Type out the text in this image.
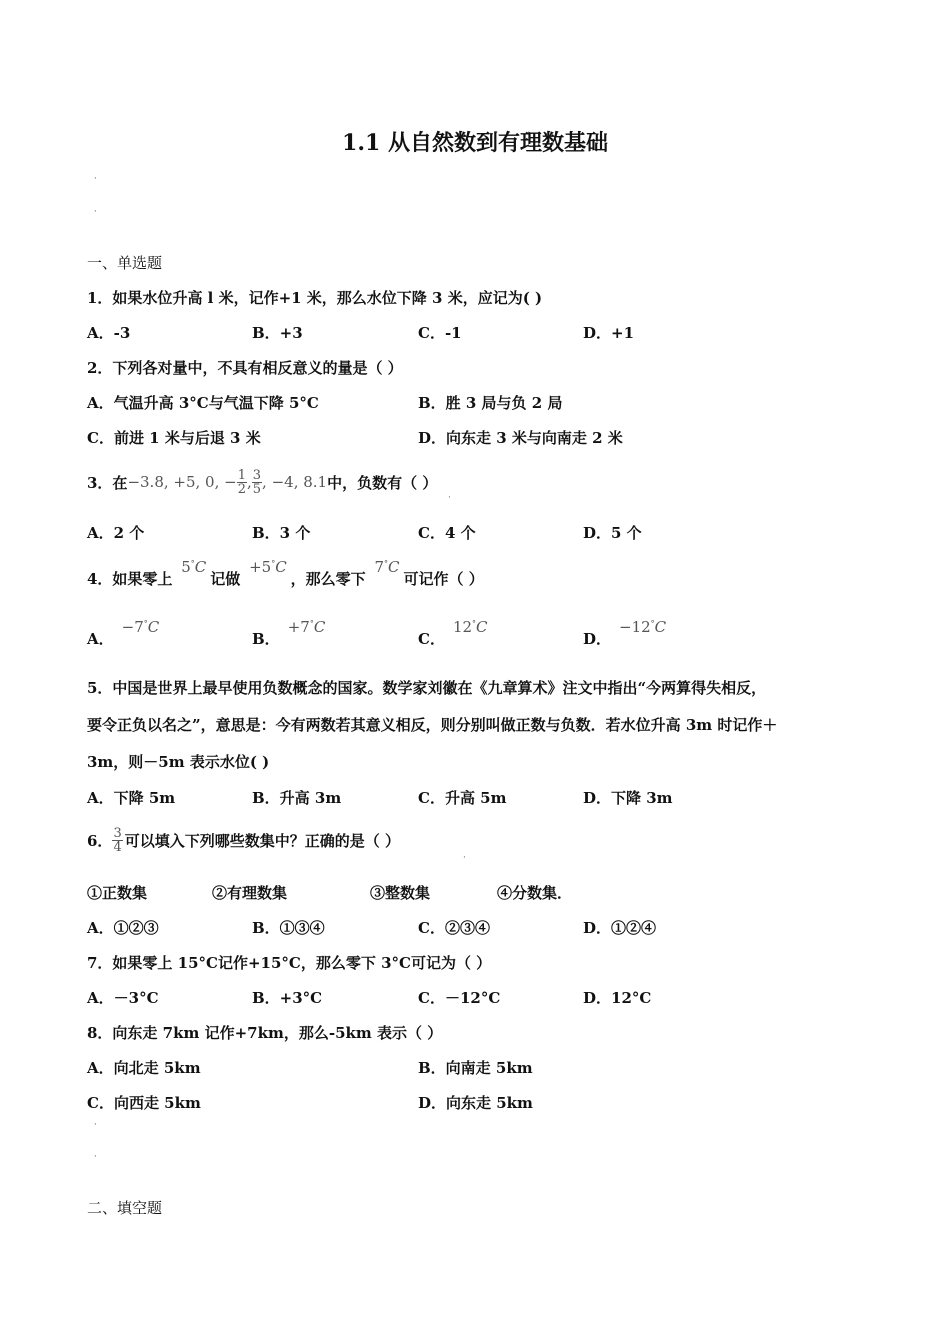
1.1 从自然数到有理数基础
·
·
一、单选题
1．如果水位升高 l 米，记作+1 米，那么水位下降 3 米，应记为( )
A．-3	B．+3	C．-1	D．+1
2．下列各对量中，不具有相反意义的量是（ ）
A．气温升高 3°C与气温下降 5°C	B．胜 3 局与负 2 局
C．前进 1 米与后退 3 米	D．向东走 3 米与向南走 2 米
3．在 −3.8, +5, 0, − $\frac{1}{2}$ , $\frac{3}{5}$ , −4, 8.1 中，负数有（ ）
·
A．2 个	B．3 个	C．4 个	D．5 个
4．如果零上 5°C记做 +5°C，那么零下 7°C可记作（ ）
A．−7°C
B．+7°C
C．12°C
D．−12°C
5．中国是世界上最早使用负数概念的国家。数学家刘徽在《九章算术》注文中指出“今两算得失相反，
要令正负以名之”，意思是：今有两数若其意义相反，则分别叫做正数与负数．若水位升高 3m 时记作＋
3m，则－5m 表示水位( )
A．下降 5m	B．升高 3m	C．升高 5m	D．下降 3m
6． $\frac{3}{4}$ 可以填入下列哪些数集中？正确的是（ ）
·
①正数集	②有理数集	③整数集	④分数集．
A．①②③	B．①③④	C．②③④	D．①②④
7．如果零上 15°C记作+15°C，那么零下 3°C可记为（ ）
A．－3°C	B．+3°C	C．－12°C	D．12°C
8．向东走 7km 记作+7km，那么-5km 表示（ ）
A．向北走 5km	B．向南走 5km
C．向西走 5km	D．向东走 5km
·
·
二、填空题
